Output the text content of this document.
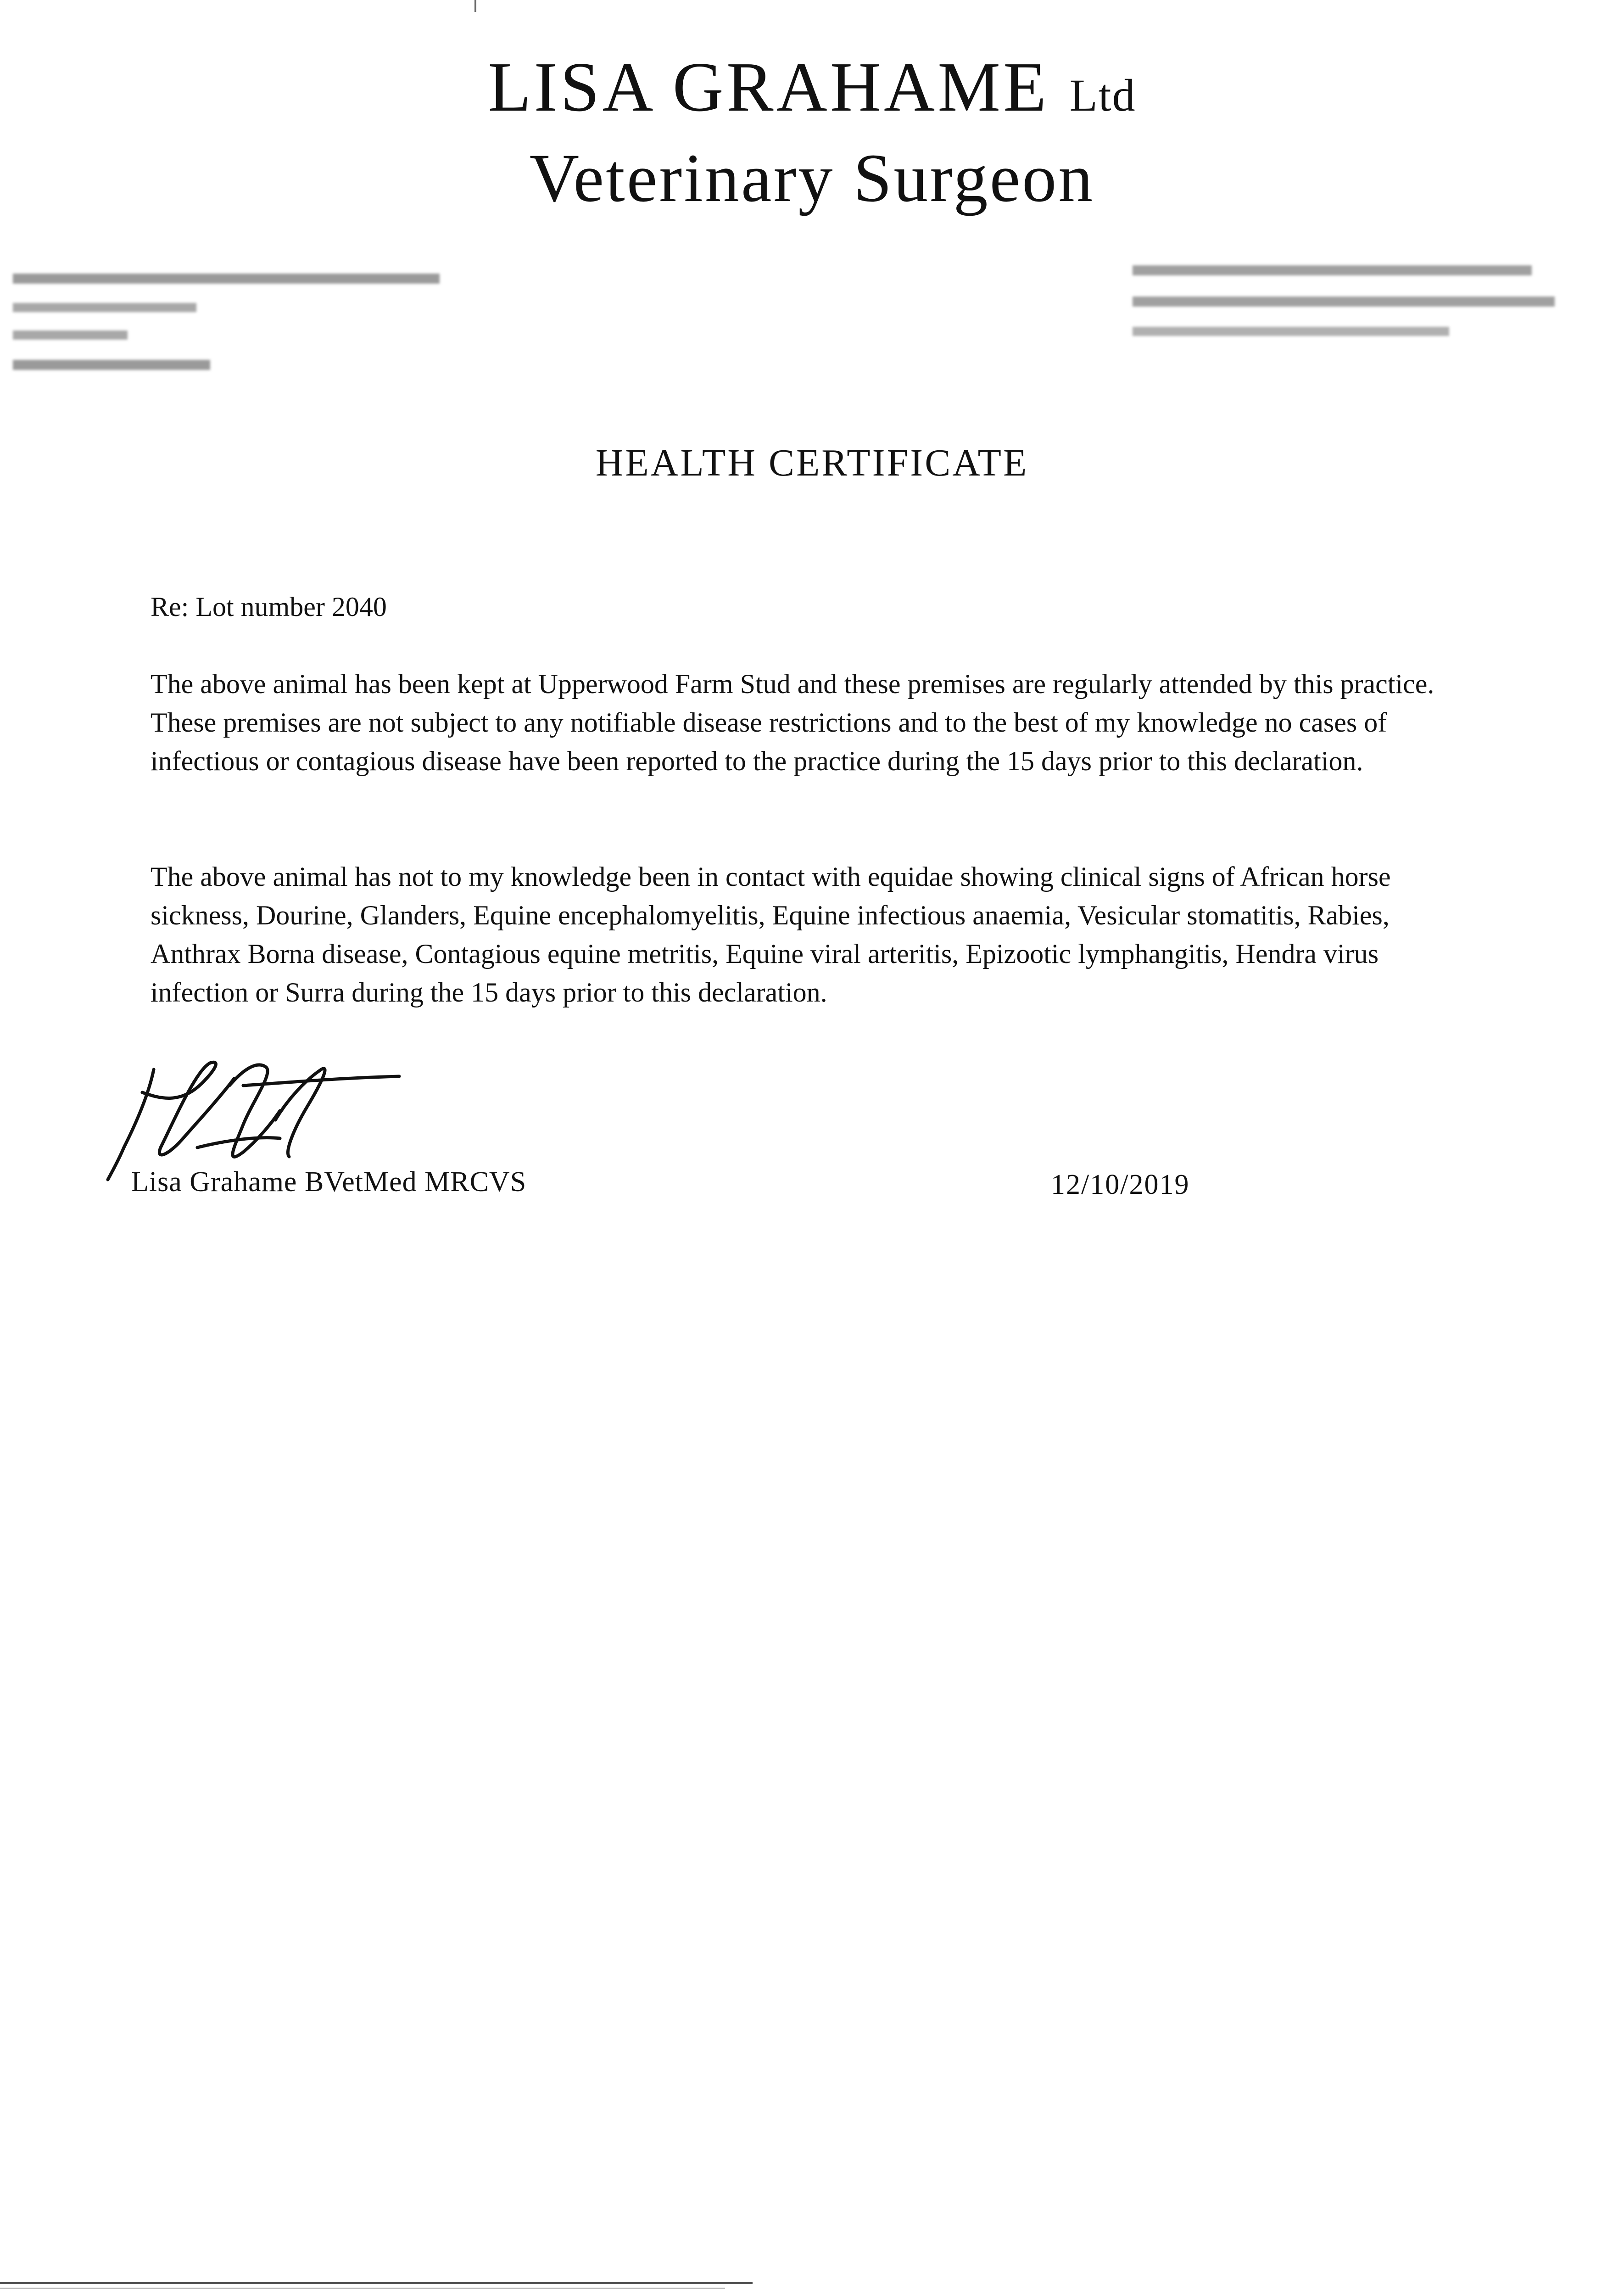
LISA GRAHAME Ltd
Veterinary Surgeon
HEALTH CERTIFICATE

Re: Lot number 2040

The above animal has been kept at Upperwood Farm Stud and these premises are regularly attended by this practice. These premises are not subject to any notifiable disease restrictions and to the best of my knowledge no cases of infectious or contagious disease have been reported to the practice during the 15 days prior to this declaration.

The above animal has not to my knowledge been in contact with equidae showing clinical signs of African horse sickness, Dourine, Glanders, Equine encephalomyelitis, Equine infectious anaemia, Vesicular stomatitis, Rabies, Anthrax Borna disease, Contagious equine metritis, Equine viral arteritis, Epizootic lymphangitis, Hendra virus infection or Surra during the 15 days prior to this declaration.

Lisa Grahame BVetMed MRCVS	12/10/2019
